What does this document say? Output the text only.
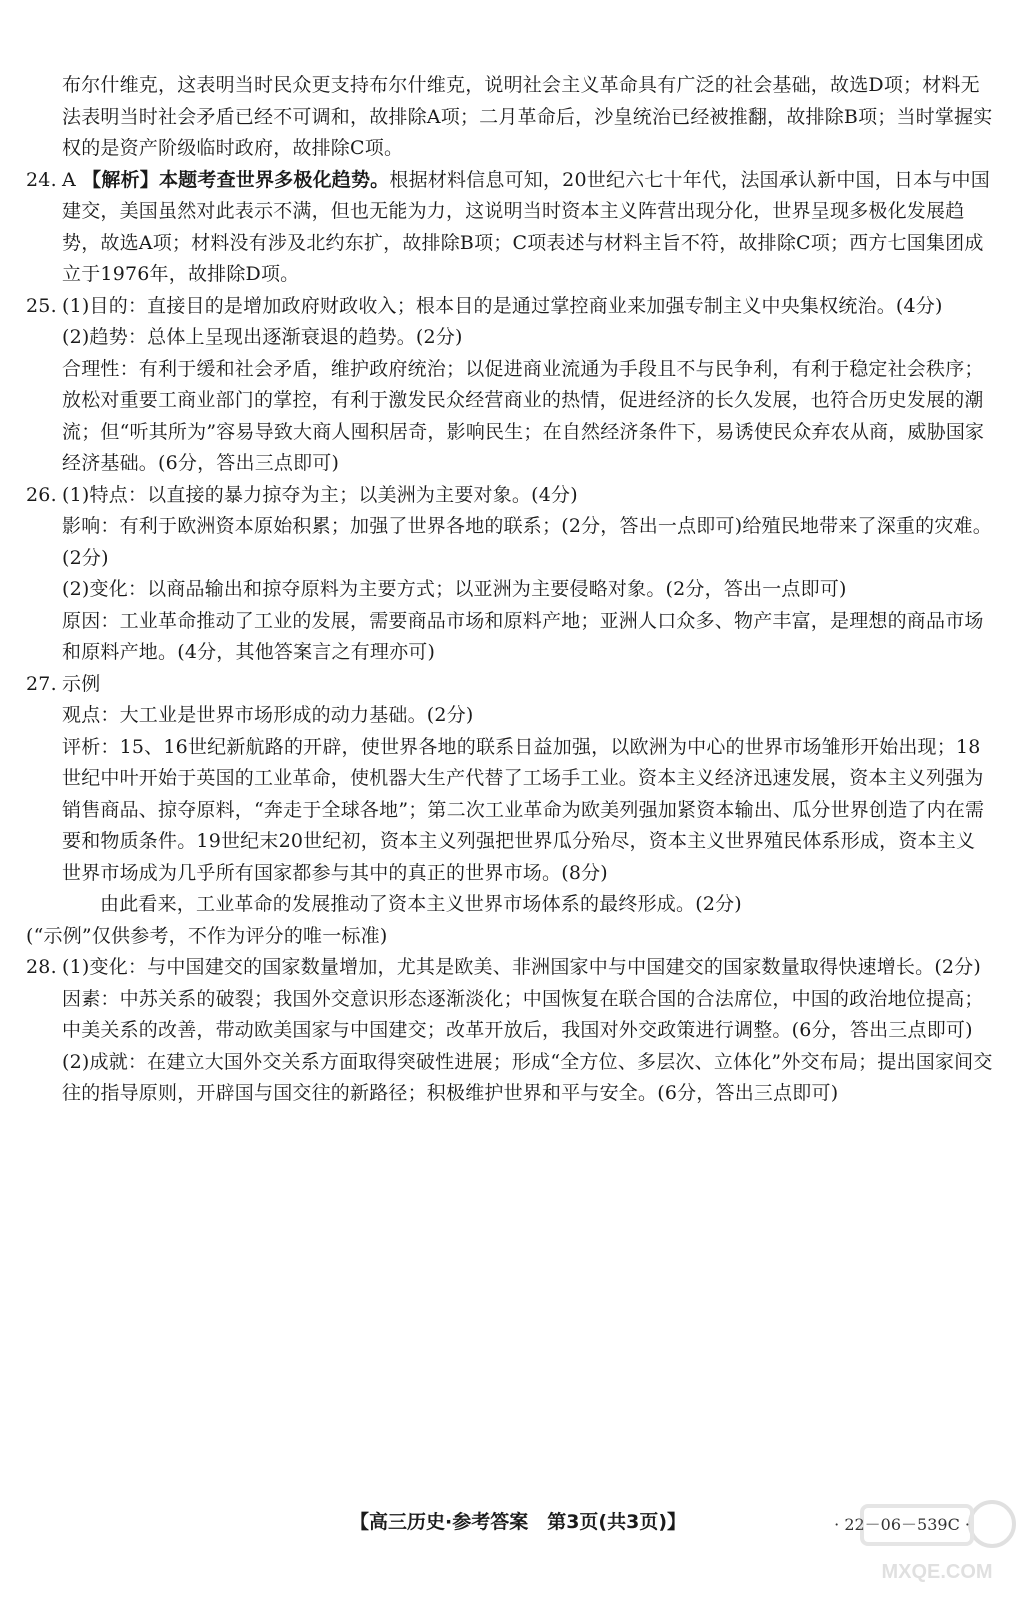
布尔什维克，这表明当时民众更支持布尔什维克，说明社会主义革命具有广泛的社会基础，故选D项；材料无法表明当时社会矛盾已经不可调和，故排除A项；二月革命后，沙皇统治已经被推翻，故排除B项；当时掌握实权的是资产阶级临时政府，故排除C项。

24. A 【解析】本题考查世界多极化趋势。根据材料信息可知，20世纪六七十年代，法国承认新中国，日本与中国建交，美国虽然对此表示不满，但也无能为力，这说明当时资本主义阵营出现分化，世界呈现多极化发展趋势，故选A项；材料没有涉及北约东扩，故排除B项；C项表述与材料主旨不符，故排除C项；西方七国集团成立于1976年，故排除D项。

25. (1)目的：直接目的是增加政府财政收入；根本目的是通过掌控商业来加强专制主义中央集权统治。(4分)

(2)趋势：总体上呈现出逐渐衰退的趋势。(2分)

合理性：有利于缓和社会矛盾，维护政府统治；以促进商业流通为手段且不与民争利，有利于稳定社会秩序；放松对重要工商业部门的掌控，有利于激发民众经营商业的热情，促进经济的长久发展，也符合历史发展的潮流；但“听其所为”容易导致大商人囤积居奇，影响民生；在自然经济条件下，易诱使民众弃农从商，威胁国家经济基础。(6分，答出三点即可)

26. (1)特点：以直接的暴力掠夺为主；以美洲为主要对象。(4分)

影响：有利于欧洲资本原始积累；加强了世界各地的联系；(2分，答出一点即可)给殖民地带来了深重的灾难。(2分)

(2)变化：以商品输出和掠夺原料为主要方式；以亚洲为主要侵略对象。(2分，答出一点即可)

原因：工业革命推动了工业的发展，需要商品市场和原料产地；亚洲人口众多、物产丰富，是理想的商品市场和原料产地。(4分，其他答案言之有理亦可)

27. 示例

观点：大工业是世界市场形成的动力基础。(2分)

评析：15、16世纪新航路的开辟，使世界各地的联系日益加强，以欧洲为中心的世界市场雏形开始出现；18世纪中叶开始于英国的工业革命，使机器大生产代替了工场手工业。资本主义经济迅速发展，资本主义列强为销售商品、掠夺原料，“奔走于全球各地”；第二次工业革命为欧美列强加紧资本输出、瓜分世界创造了内在需要和物质条件。19世纪末20世纪初，资本主义列强把世界瓜分殆尽，资本主义世界殖民体系形成，资本主义世界市场成为几乎所有国家都参与其中的真正的世界市场。(8分)

由此看来，工业革命的发展推动了资本主义世界市场体系的最终形成。(2分)

(“示例”仅供参考，不作为评分的唯一标准)

28. (1)变化：与中国建交的国家数量增加，尤其是欧美、非洲国家中与中国建交的国家数量取得快速增长。(2分)

因素：中苏关系的破裂；我国外交意识形态逐渐淡化；中国恢复在联合国的合法席位，中国的政治地位提高；中美关系的改善，带动欧美国家与中国建交；改革开放后，我国对外交政策进行调整。(6分，答出三点即可)

(2)成就：在建立大国外交关系方面取得突破性进展；形成“全方位、多层次、立体化”外交布局；提出国家间交往的指导原则，开辟国与国交往的新路径；积极维护世界和平与安全。(6分，答出三点即可)

【高三历史·参考答案　第3页(共3页)】	· 22－06－539C ·
MXQE.COM
